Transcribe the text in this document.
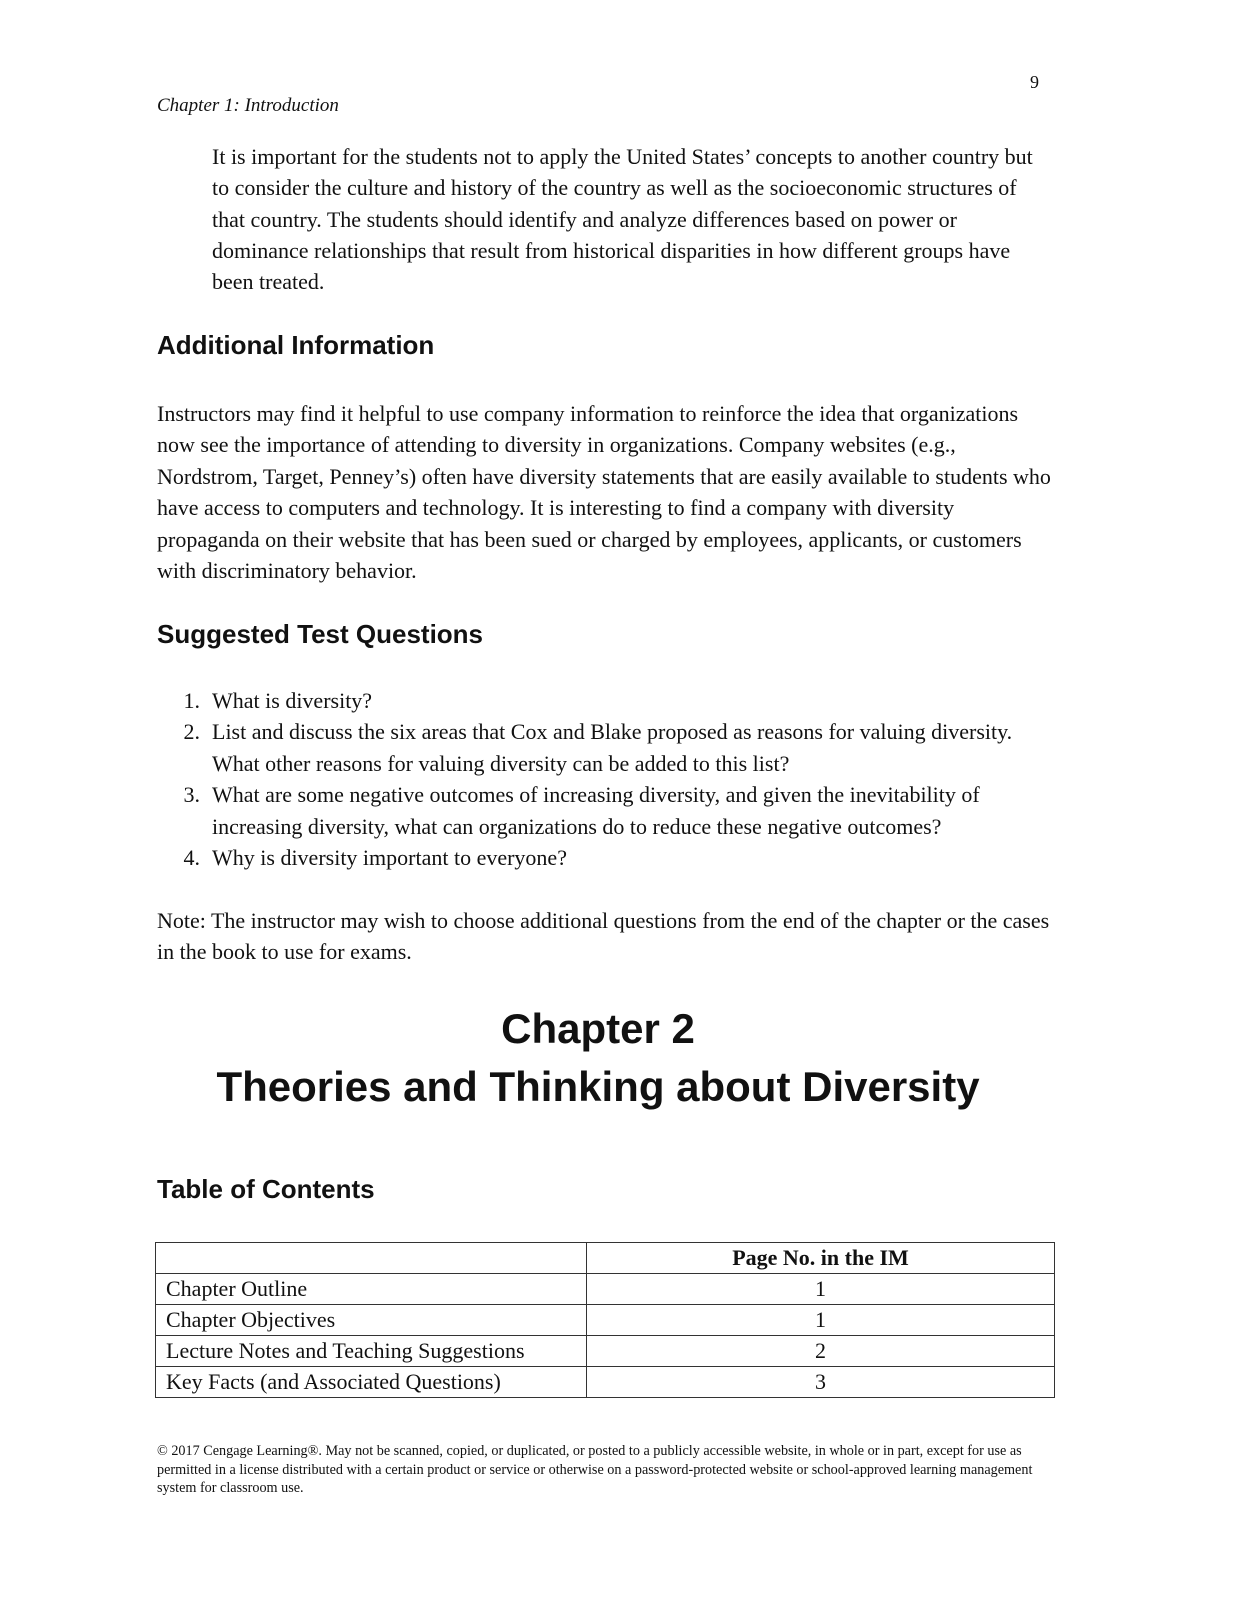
9
Chapter 1: Introduction

It is important for the students not to apply the United States’ concepts to another country but to consider the culture and history of the country as well as the socioeconomic structures of that country. The students should identify and analyze differences based on power or dominance relationships that result from historical disparities in how different groups have been treated.

Additional Information

Instructors may find it helpful to use company information to reinforce the idea that organizations now see the importance of attending to diversity in organizations. Company websites (e.g., Nordstrom, Target, Penney’s) often have diversity statements that are easily available to students who have access to computers and technology. It is interesting to find a company with diversity propaganda on their website that has been sued or charged by employees, applicants, or customers with discriminatory behavior.

Suggested Test Questions
1. What is diversity?
2. List and discuss the six areas that Cox and Blake proposed as reasons for valuing diversity. What other reasons for valuing diversity can be added to this list?
3. What are some negative outcomes of increasing diversity, and given the inevitability of increasing diversity, what can organizations do to reduce these negative outcomes?
4. Why is diversity important to everyone?

Note: The instructor may wish to choose additional questions from the end of the chapter or the cases in the book to use for exams.

Chapter 2
Theories and Thinking about Diversity
Table of Contents
	Page No. in the IM
Chapter Outline	1
Chapter Objectives	1
Lecture Notes and Teaching Suggestions	2
Key Facts (and Associated Questions)	3

© 2017 Cengage Learning®. May not be scanned, copied, or duplicated, or posted to a publicly accessible website, in whole or in part, except for use as permitted in a license distributed with a certain product or service or otherwise on a password-protected website or school-approved learning management system for classroom use.
